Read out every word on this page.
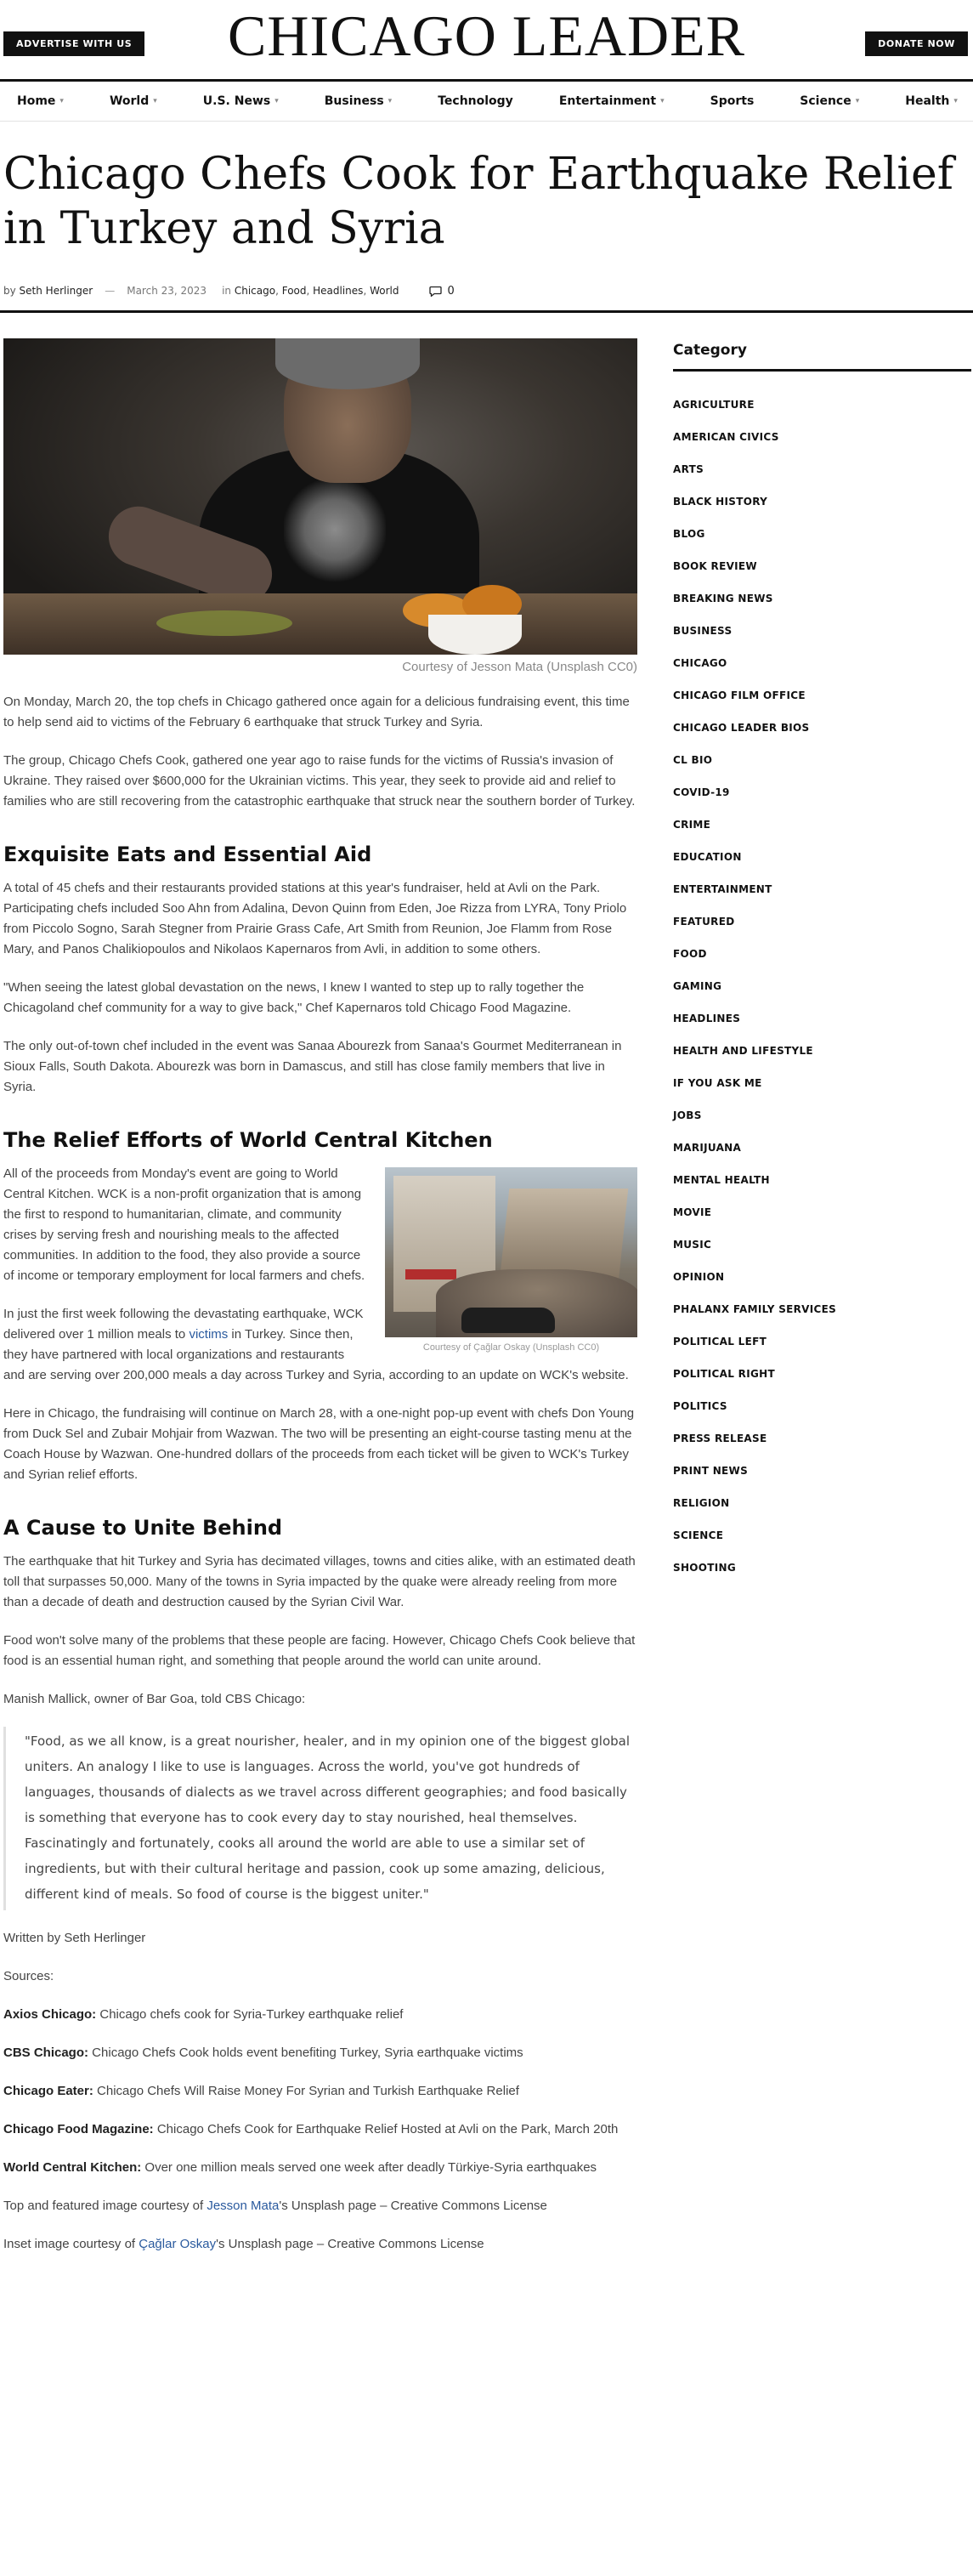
ADVERTISE WITH US	CHICAGO LEADER	DONATE NOW
Home ▾	World ▾	U.S. News ▾	Business ▾	Technology	Entertainment ▾	Sports	Science ▾	Health ▾
Chicago Chefs Cook for Earthquake Relief in Turkey and Syria
by
Seth Herlinger — March 23, 2023 in
Chicago, Food, Headlines, World	0
Courtesy of Jesson Mata (Unsplash CC0)

On Monday, March 20, the top chefs in Chicago gathered once again for a delicious fundraising event, this time to help send aid to victims of the February 6 earthquake that struck Turkey and Syria.

The group, Chicago Chefs Cook, gathered one year ago to raise funds for the victims of Russia's invasion of Ukraine. They raised over $600,000 for the Ukrainian victims. This year, they seek to provide aid and relief to families who are still recovering from the catastrophic earthquake that struck near the southern border of Turkey.

Exquisite Eats and Essential Aid

A total of 45 chefs and their restaurants provided stations at this year's fundraiser, held at Avli on the Park. Participating chefs included Soo Ahn from Adalina, Devon Quinn from Eden, Joe Rizza from LYRA, Tony Priolo from Piccolo Sogno, Sarah Stegner from Prairie Grass Cafe, Art Smith from Reunion, Joe Flamm from Rose Mary, and Panos Chalikiopoulos and Nikolaos Kapernaros from Avli, in addition to some others.

"When seeing the latest global devastation on the news, I knew I wanted to step up to rally together the Chicagoland chef community for a way to give back," Chef Kapernaros told Chicago Food Magazine.

The only out-of-town chef included in the event was Sanaa Abourezk from Sanaa's Gourmet Mediterranean in Sioux Falls, South Dakota. Abourezk was born in Damascus, and still has close family members that live in Syria.

The Relief Efforts of World Central Kitchen
Courtesy of Çağlar Oskay (Unsplash CC0)

All of the proceeds from Monday's event are going to World Central Kitchen. WCK is a non-profit organization that is among the first to respond to humanitarian, climate, and community crises by serving fresh and nourishing meals to the affected communities. In addition to the food, they also provide a source of income or temporary employment for local farmers and chefs.

In just the first week following the devastating earthquake, WCK delivered over 1 million meals to victims in Turkey. Since then, they have partnered with local organizations and restaurants and are serving over 200,000 meals a day across Turkey and Syria, according to an update on WCK's website.

Here in Chicago, the fundraising will continue on March 28, with a one-night pop-up event with chefs Don Young from Duck Sel and Zubair Mohjair from Wazwan. The two will be presenting an eight-course tasting menu at the Coach House by Wazwan. One-hundred dollars of the proceeds from each ticket will be given to WCK's Turkey and Syrian relief efforts.

A Cause to Unite Behind

The earthquake that hit Turkey and Syria has decimated villages, towns and cities alike, with an estimated death toll that surpasses 50,000. Many of the towns in Syria impacted by the quake were already reeling from more than a decade of death and destruction caused by the Syrian Civil War.

Food won't solve many of the problems that these people are facing. However, Chicago Chefs Cook believe that food is an essential human right, and something that people around the world can unite around.

Manish Mallick, owner of Bar Goa, told CBS Chicago:

"Food, as we all know, is a great nourisher, healer, and in my opinion one of the biggest global uniters. An analogy I like to use is languages. Across the world, you've got hundreds of languages, thousands of dialects as we travel across different geographies; and food basically is something that everyone has to cook every day to stay nourished, heal themselves. Fascinatingly and fortunately, cooks all around the world are able to use a similar set of ingredients, but with their cultural heritage and passion, cook up some amazing, delicious, different kind of meals. So food of course is the biggest uniter."

Written by Seth Herlinger

Sources:

Axios Chicago: Chicago chefs cook for Syria-Turkey earthquake relief

CBS Chicago: Chicago Chefs Cook holds event benefiting Turkey, Syria earthquake victims

Chicago Eater: Chicago Chefs Will Raise Money For Syrian and Turkish Earthquake Relief

Chicago Food Magazine: Chicago Chefs Cook for Earthquake Relief Hosted at Avli on the Park, March 20th

World Central Kitchen: Over one million meals served one week after deadly Türkiye-Syria earthquakes

Top and featured image courtesy of Jesson Mata's Unsplash page – Creative Commons License

Inset image courtesy of Çağlar Oskay's Unsplash page – Creative Commons License

Category
AGRICULTURE
AMERICAN CIVICS
ARTS
BLACK HISTORY
BLOG
BOOK REVIEW
BREAKING NEWS
BUSINESS
CHICAGO
CHICAGO FILM OFFICE
CHICAGO LEADER BIOS
CL BIO
COVID-19
CRIME
EDUCATION
ENTERTAINMENT
FEATURED
FOOD
GAMING
HEADLINES
HEALTH AND LIFESTYLE
IF YOU ASK ME
JOBS
MARIJUANA
MENTAL HEALTH
MOVIE
MUSIC
OPINION
PHALANX FAMILY SERVICES
POLITICAL LEFT
POLITICAL RIGHT
POLITICS
PRESS RELEASE
PRINT NEWS
RELIGION
SCIENCE
SHOOTING
